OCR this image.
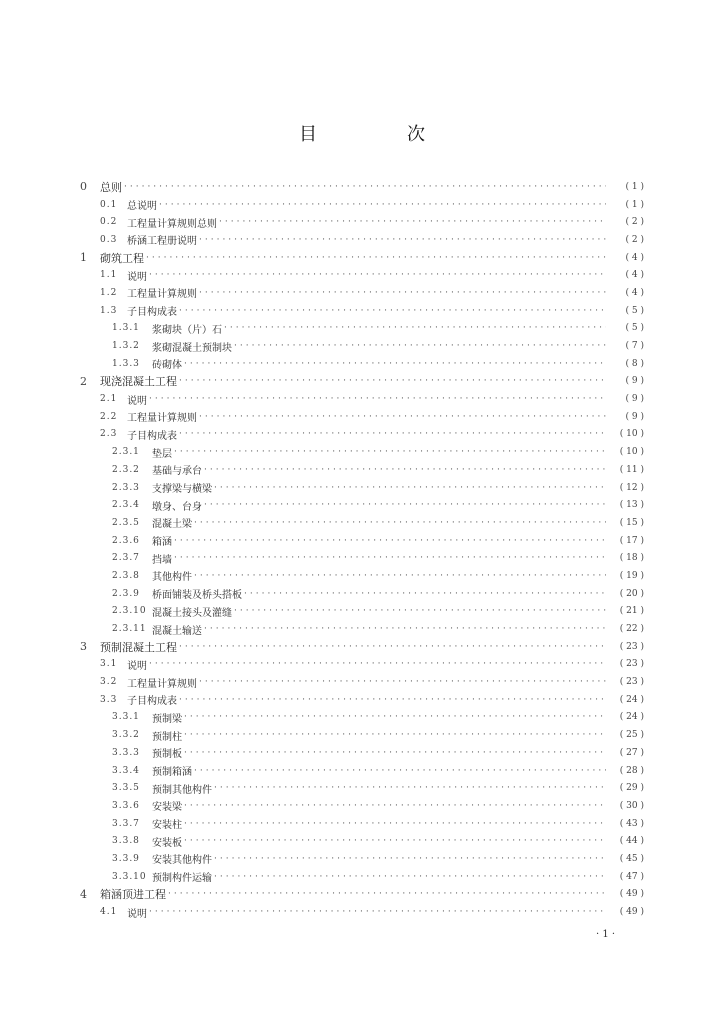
目　次
0	总则 ·····	( 1 )
0.1 总说明 ·····	( 1 )
0.2 工程量计算规则总则 ·····	( 2 )
0.3 桥涵工程册说明 ·····	( 2 )
1	砌筑工程 ·····	( 4 )
1.1 说明 ·····	( 4 )
1.2 工程量计算规则 ·····	( 4 )
1.3 子目构成表 ·····	( 5 )
1.3.1	浆砌块（片）石 ·····	( 5 )
1.3.2	浆砌混凝土预制块 ·····	( 7 )
1.3.3	砖砌体 ·····	( 8 )
2	现浇混凝土工程 ·····	( 9 )
2.1 说明 ·····	( 9 )
2.2 工程量计算规则 ·····	( 9 )
2.3 子目构成表 ·····	( 10 )
2.3.1	垫层 ·····	( 10 )
2.3.2	基础与承台 ·····	( 11 )
2.3.3	支撑梁与横梁 ·····	( 12 )
2.3.4	墩身、台身 ·····	( 13 )
2.3.5	混凝土梁 ·····	( 15 )
2.3.6	箱涵 ·····	( 17 )
2.3.7	挡墙 ·····	( 18 )
2.3.8	其他构件 ·····	( 19 )
2.3.9	桥面铺装及桥头搭板 ·····	( 20 )
2.3.10 混凝土接头及灌缝 ·····	( 21 )
2.3.11 混凝土输送 ·····	( 22 )
3	预制混凝土工程 ·····	( 23 )
3.1 说明 ·····	( 23 )
3.2 工程量计算规则 ·····	( 23 )
3.3 子目构成表 ·····	( 24 )
3.3.1	预制梁 ·····	( 24 )
3.3.2	预制柱 ·····	( 25 )
3.3.3	预制板 ·····	( 27 )
3.3.4	预制箱涵 ·····	( 28 )
3.3.5	预制其他构件 ·····	( 29 )
3.3.6	安装梁 ·····	( 30 )
3.3.7	安装柱 ·····	( 43 )
3.3.8	安装板 ·····	( 44 )
3.3.9	安装其他构件 ·····	( 45 )
3.3.10 预制构件运输 ·····	( 47 )
4	箱涵顶进工程 ·····	( 49 )
4.1 说明 ·····	( 49 )
· 1 ·
